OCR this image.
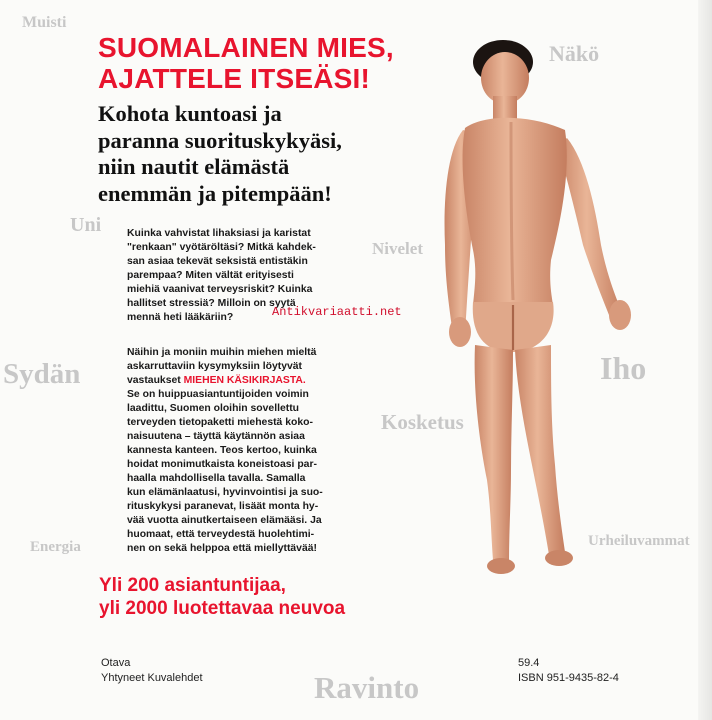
Muisti
Näkö
Uni
Nivelet
Sydän	Iho
Kosketus
Energia	Urheiluvammat
Ravinto
SUOMALAINEN MIES,
AJATTELE ITSEÄSI!
Kohota kuntoasi ja
paranna suorituskykyäsi,
niin nautit elämästä
enemmän ja pitempään!
Kuinka vahvistat lihaksiasi ja karistat
"renkaan" vyötäröltäsi? Mitkä kahdek-
san asiaa tekevät seksistä entistäkin
parempaa? Miten vältät erityisesti
miehiä vaanivat terveysriskit? Kuinka
hallitset stressiä? Milloin on syytä
mennä heti lääkäriin?
Näihin ja moniin muihin miehen mieltä
askarruttaviin kysymyksiin löytyvät
vastaukset MIEHEN KÄSIKIRJASTA.
Se on huippuasiantuntijoiden voimin
laadittu, Suomen oloihin sovellettu
terveyden tietopaketti miehestä koko-
naisuutena – täyttä käytännön asiaa
kannesta kanteen. Teos kertoo, kuinka
hoidat monimutkaista koneistoasi par-
haalla mahdollisella tavalla. Samalla
kun elämänlaatusi, hyvinvointisi ja suo-
rituskykysi paranevat, lisäät monta hy-
vää vuotta ainutkertaiseen elämääsi. Ja
huomaat, että terveydestä huolehtimi-
nen on sekä helppoa että miellyttävää!
Antikvariaatti.net
Yli 200 asiantuntijaa,
yli 2000 luotettavaa neuvoa
Otava
Yhtyneet Kuvalehdet
59.4
ISBN 951-9435-82-4
